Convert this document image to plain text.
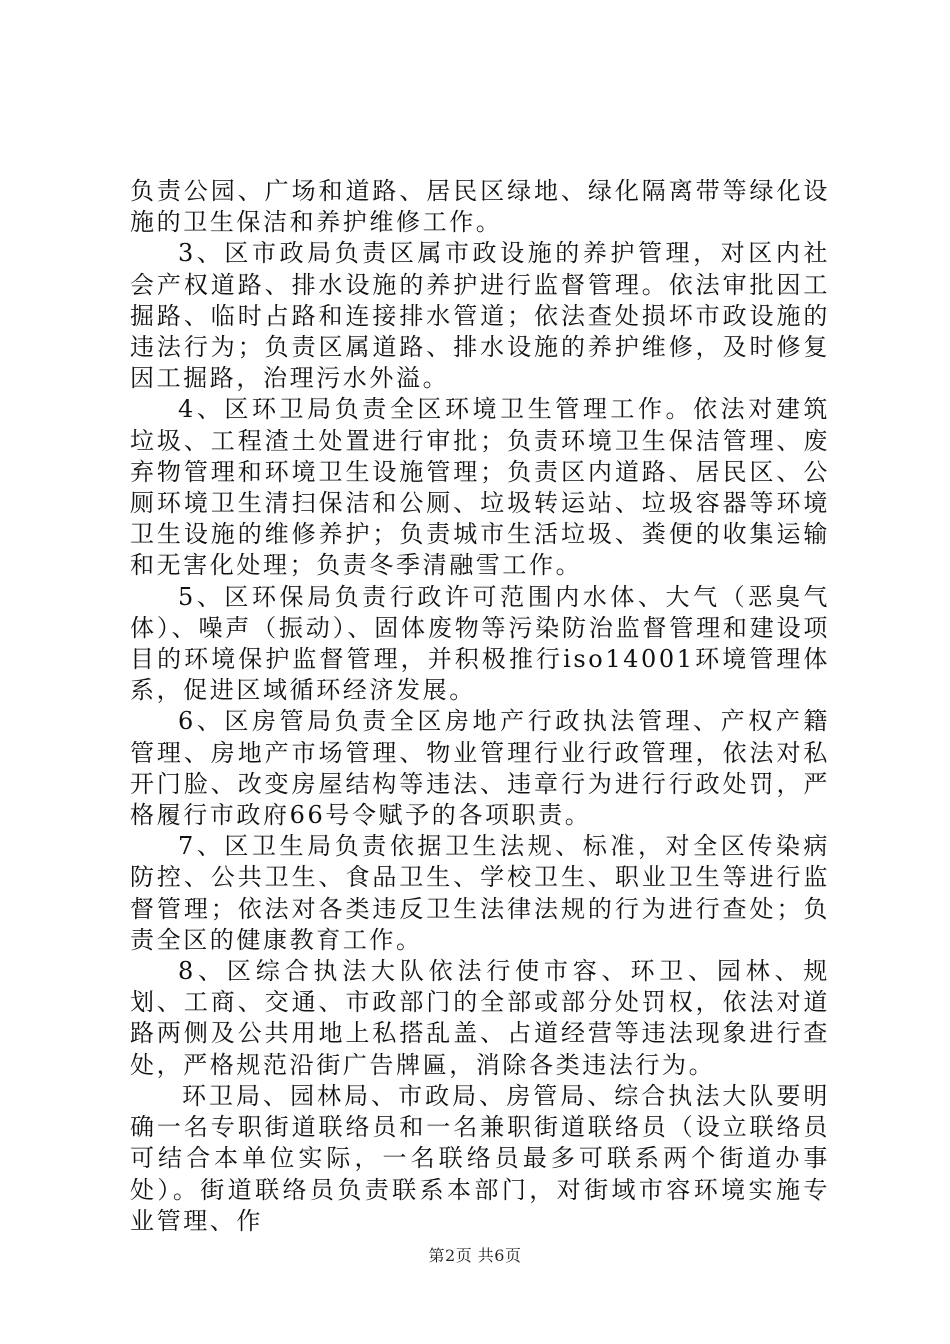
负责公园、广场和道路、居民区绿地、绿化隔离带等绿化设施的卫生保洁和养护维修工作。

3、区市政局负责区属市政设施的养护管理，对区内社会产权道路、排水设施的养护进行监督管理。依法审批因工掘路、临时占路和连接排水管道；依法查处损坏市政设施的违法行为；负责区属道路、排水设施的养护维修，及时修复因工掘路，治理污水外溢。

4、区环卫局负责全区环境卫生管理工作。依法对建筑垃圾、工程渣土处置进行审批；负责环境卫生保洁管理、废弃物管理和环境卫生设施管理；负责区内道路、居民区、公厕环境卫生清扫保洁和公厕、垃圾转运站、垃圾容器等环境卫生设施的维修养护；负责城市生活垃圾、粪便的收集运输和无害化处理；负责冬季清融雪工作。

5、区环保局负责行政许可范围内水体、大气（恶臭气体）、噪声（振动）、固体废物等污染防治监督管理和建设项目的环境保护监督管理，并积极推行iso14001环境管理体系，促进区域循环经济发展。

6、区房管局负责全区房地产行政执法管理、产权产籍管理、房地产市场管理、物业管理行业行政管理，依法对私开门脸、改变房屋结构等违法、违章行为进行行政处罚，严格履行市政府66号令赋予的各项职责。

7、区卫生局负责依据卫生法规、标准，对全区传染病防控、公共卫生、食品卫生、学校卫生、职业卫生等进行监督管理；依法对各类违反卫生法律法规的行为进行查处；负责全区的健康教育工作。

8、区综合执法大队依法行使市容、环卫、园林、规划、工商、交通、市政部门的全部或部分处罚权，依法对道路两侧及公共用地上私搭乱盖、占道经营等违法现象进行查处，严格规范沿街广告牌匾，消除各类违法行为。

环卫局、园林局、市政局、房管局、综合执法大队要明确一名专职街道联络员和一名兼职街道联络员（设立联络员可结合本单位实际，一名联络员最多可联系两个街道办事处）。街道联络员负责联系本部门，对街域市容环境实施专业管理、作

第2页 共6页
